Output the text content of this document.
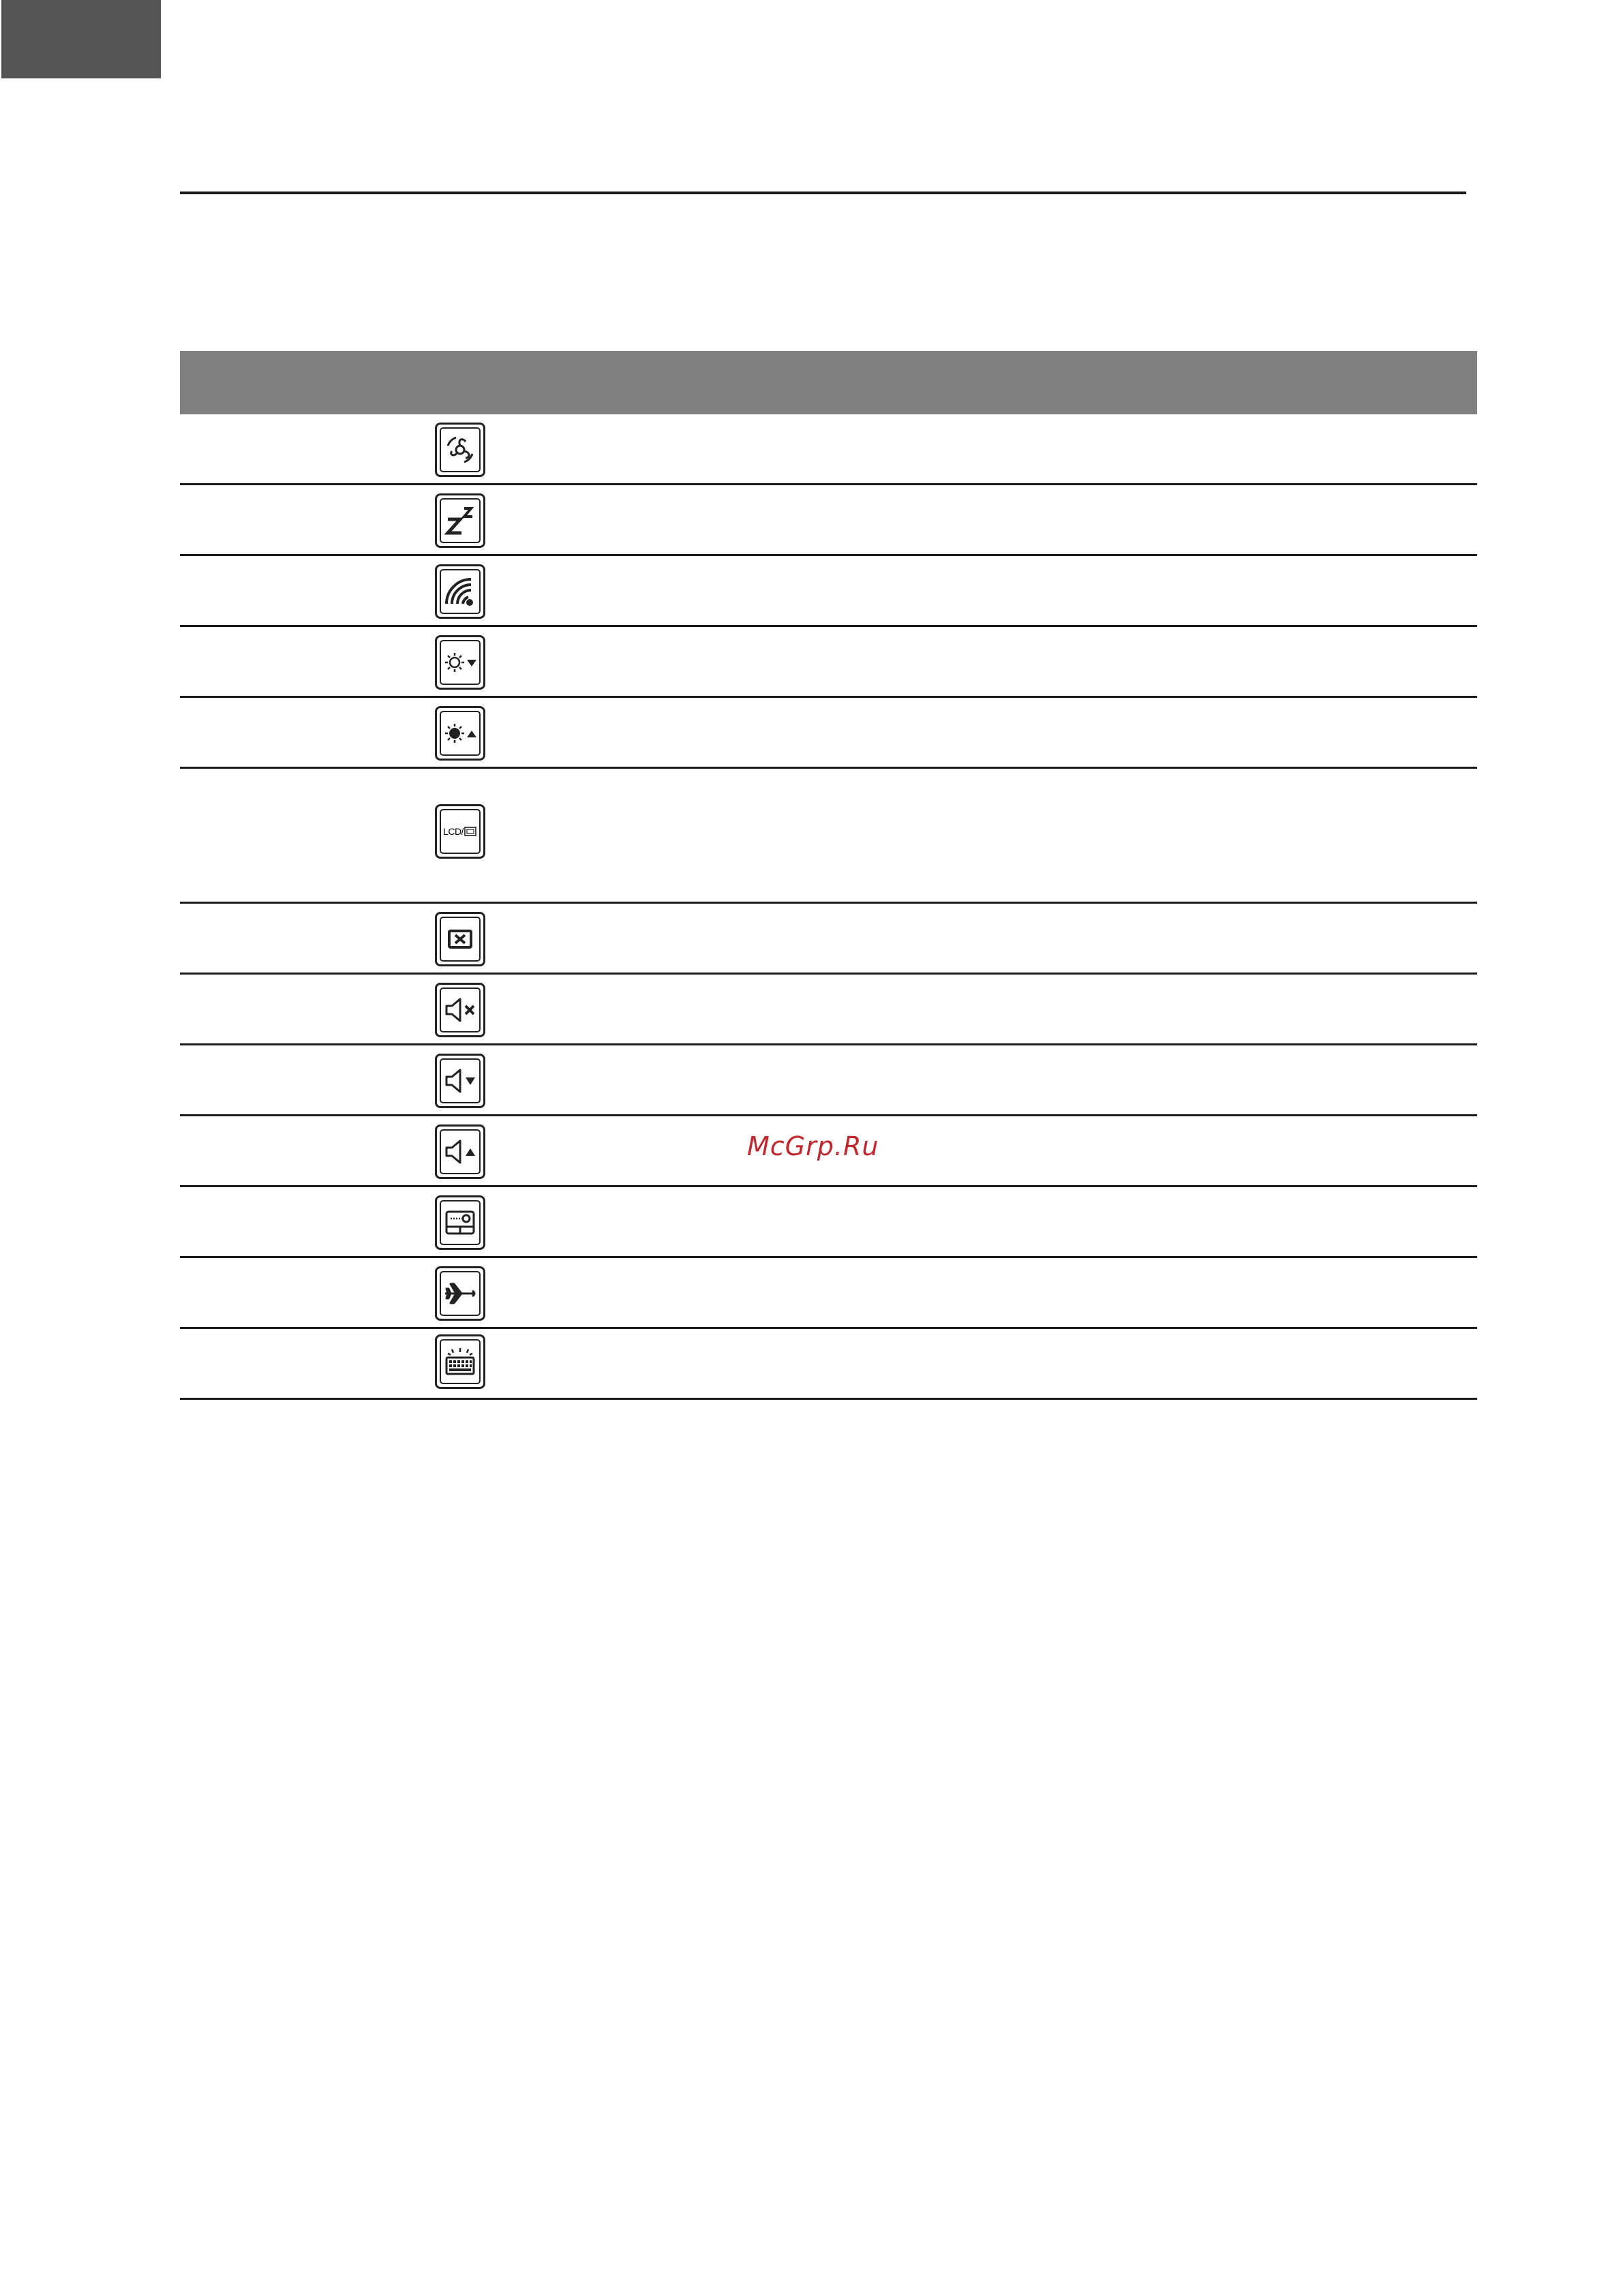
LCD/
McGrp.Ru
